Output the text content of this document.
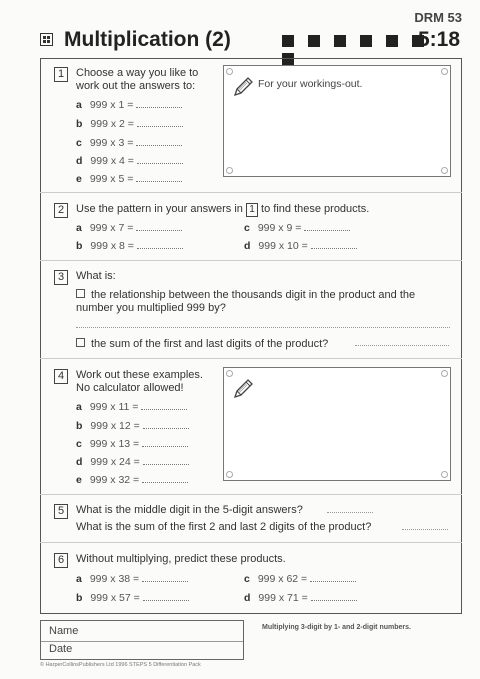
DRM 53
Multiplication (2)	5:18
1	Choose a way you like to
work out the answers to:
a 999 x 1 =
b 999 x 2 =
c 999 x 3 =
d 999 x 4 =
e 999 x 5 =
For your workings-out.
2	Use the pattern in your answers in 1 to find these products.
a 999 x 7 =	c 999 x 9 =
b 999 x 8 =	d 999 x 10 =
3	What is:
the relationship between the thousands digit in the product and the
number you multiplied 999 by?
the sum of the first and last digits of the product?
4	Work out these examples.
No calculator allowed!
a 999 x 11 =
b 999 x 12 =
c 999 x 13 =
d 999 x 24 =
e 999 x 32 =
5	What is the middle digit in the 5-digit answers?
What is the sum of the first 2 and last 2 digits of the product?
6	Without multiplying, predict these products.
a 999 x 38 =	c 999 x 62 =
b 999 x 57 =	d 999 x 71 =
Name
Date
Multiplying 3-digit by 1- and 2-digit numbers.
© HarperCollinsPublishers Ltd 1996 STEPS 5 Differentiation Pack
